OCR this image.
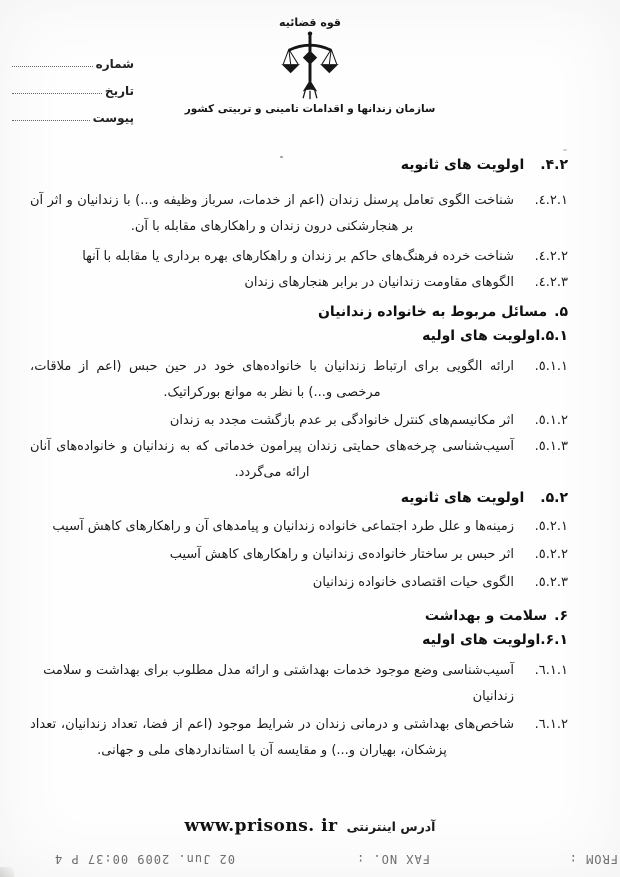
شماره
تاریخ
پیوست
قوه قضائیه
سازمان زندانها و اقدامات تامینی و تربیتی کشور
۴.۲.
اولویت های ثانویه
٤.٢.١.
شناخت الگوی تعامل پرسنل زندان (اعم از خدمات، سرباز وظیفه و...) با زندانیان و اثر آن بر هنجارشکنی درون زندان و راهکارهای مقابله با آن.
٤.٢.٢.
شناخت خرده فرهنگ‌های حاکم بر زندان و راهکارهای بهره برداری یا مقابله با آنها
٤.٢.٣.
الگوهای مقاومت زندانیان در برابر هنجارهای زندان
۵.
مسائل مربوط به خانواده زندانیان
۵.۱.اولویت های اولیه
٥.١.١.
ارائه الگویی برای ارتباط زندانیان با خانواده‌های خود در حین حبس (اعم از ملاقات، مرخصی و...) با نظر به موانع بورکراتیک.
٥.١.٢.
اثر مکانیسم‌های کنترل خانوادگی بر عدم بازگشت مجدد به زندان
٥.١.٣.
آسیب‌شناسی چرخه‌های حمایتی زندان پیرامون خدماتی که به زندانیان و خانواده‌های آنان ارائه می‌گردد.
۵.۲.
اولویت های ثانویه
٥.٢.١.
زمینه‌ها و علل طرد اجتماعی خانواده زندانیان و پیامدهای آن و راهکارهای کاهش آسیب
٥.٢.٢.
اثر حبس بر ساختار خانواده‌ی زندانیان و راهکارهای کاهش آسیب
٥.٢.٣.
الگوی حیات اقتصادی خانواده زندانیان
۶.
سلامت و بهداشت
۶.۱.اولویت های اولیه
٦.١.١.
آسیب‌شناسی وضع موجود خدمات بهداشتی و ارائه مدل مطلوب برای بهداشت و سلامت زندانیان
٦.١.٢.
شاخص‌های بهداشتی و درمانی زندان در شرایط موجود (اعم از فضا، تعداد زندانیان، تعداد پزشکان، بهیاران و...) و مقایسه آن با استانداردهای ملی و جهانی.
آدرس اینترنتی
www.prisons. ir
FROM :
FAX NO. :
02 Jun. 2009 00:37 P 4
